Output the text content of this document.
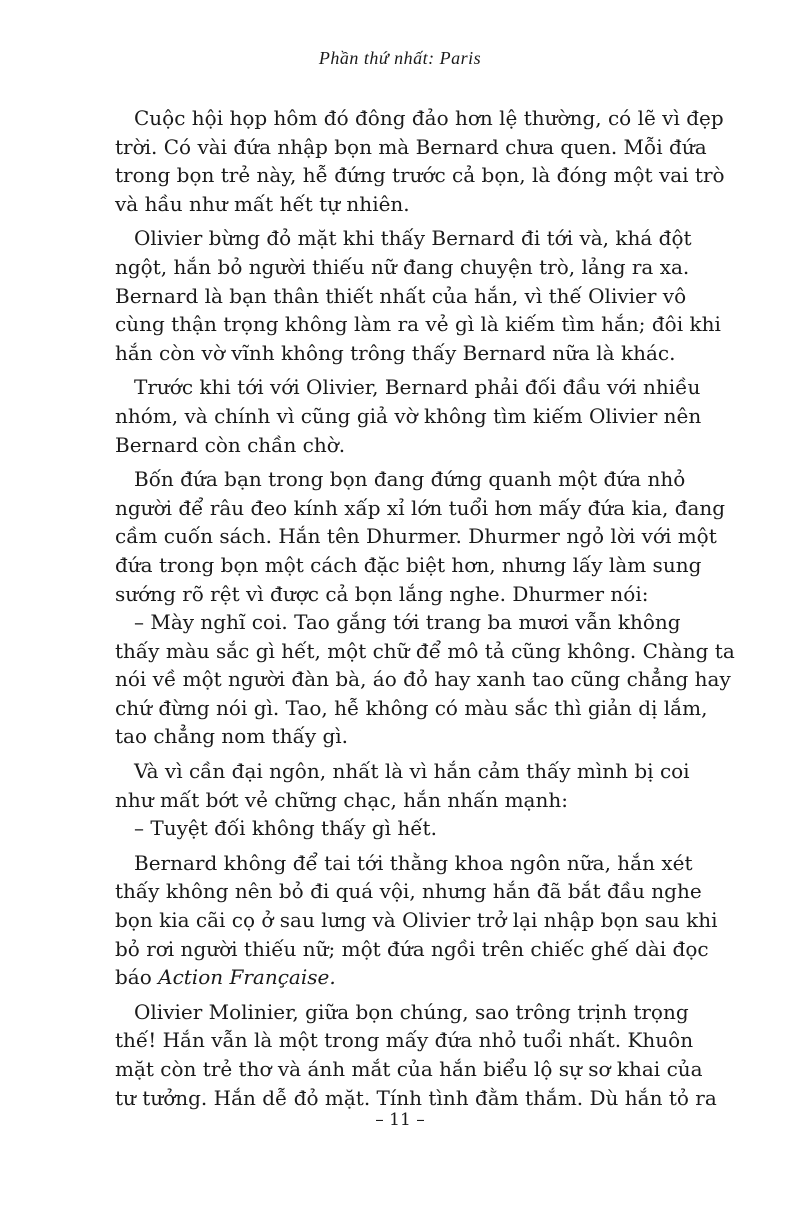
Phần thứ nhất: Paris
Cuộc hội họp hôm đó đông đảo hơn lệ thường, có lẽ vì đẹp
trời. Có vài đứa nhập bọn mà Bernard chưa quen. Mỗi đứa
trong bọn trẻ này, hễ đứng trước cả bọn, là đóng một vai trò
và hầu như mất hết tự nhiên.
Olivier bừng đỏ mặt khi thấy Bernard đi tới và, khá đột
ngột, hắn bỏ người thiếu nữ đang chuyện trò, lảng ra xa.
Bernard là bạn thân thiết nhất của hắn, vì thế Olivier vô
cùng thận trọng không làm ra vẻ gì là kiếm tìm hắn; đôi khi
hắn còn vờ vĩnh không trông thấy Bernard nữa là khác.
Trước khi tới với Olivier, Bernard phải đối đầu với nhiều
nhóm, và chính vì cũng giả vờ không tìm kiếm Olivier nên
Bernard còn chần chờ.
Bốn đứa bạn trong bọn đang đứng quanh một đứa nhỏ
người để râu đeo kính xấp xỉ lớn tuổi hơn mấy đứa kia, đang
cầm cuốn sách. Hắn tên Dhurmer. Dhurmer ngỏ lời với một
đứa trong bọn một cách đặc biệt hơn, nhưng lấy làm sung
sướng rõ rệt vì được cả bọn lắng nghe. Dhurmer nói:
– Mày nghĩ coi. Tao gắng tới trang ba mươi vẫn không
thấy màu sắc gì hết, một chữ để mô tả cũng không. Chàng ta
nói về một người đàn bà, áo đỏ hay xanh tao cũng chẳng hay
chứ đừng nói gì. Tao, hễ không có màu sắc thì giản dị lắm,
tao chẳng nom thấy gì.
Và vì cần đại ngôn, nhất là vì hắn cảm thấy mình bị coi
như mất bớt vẻ chững chạc, hắn nhấn mạnh:
– Tuyệt đối không thấy gì hết.
Bernard không để tai tới thằng khoa ngôn nữa, hắn xét
thấy không nên bỏ đi quá vội, nhưng hắn đã bắt đầu nghe
bọn kia cãi cọ ở sau lưng và Olivier trở lại nhập bọn sau khi
bỏ rơi người thiếu nữ; một đứa ngồi trên chiếc ghế dài đọc
báo Action Française.
Olivier Molinier, giữa bọn chúng, sao trông trịnh trọng
thế! Hắn vẫn là một trong mấy đứa nhỏ tuổi nhất. Khuôn
mặt còn trẻ thơ và ánh mắt của hắn biểu lộ sự sơ khai của
tư tưởng. Hắn dễ đỏ mặt. Tính tình đằm thắm. Dù hắn tỏ ra
– 11 –
